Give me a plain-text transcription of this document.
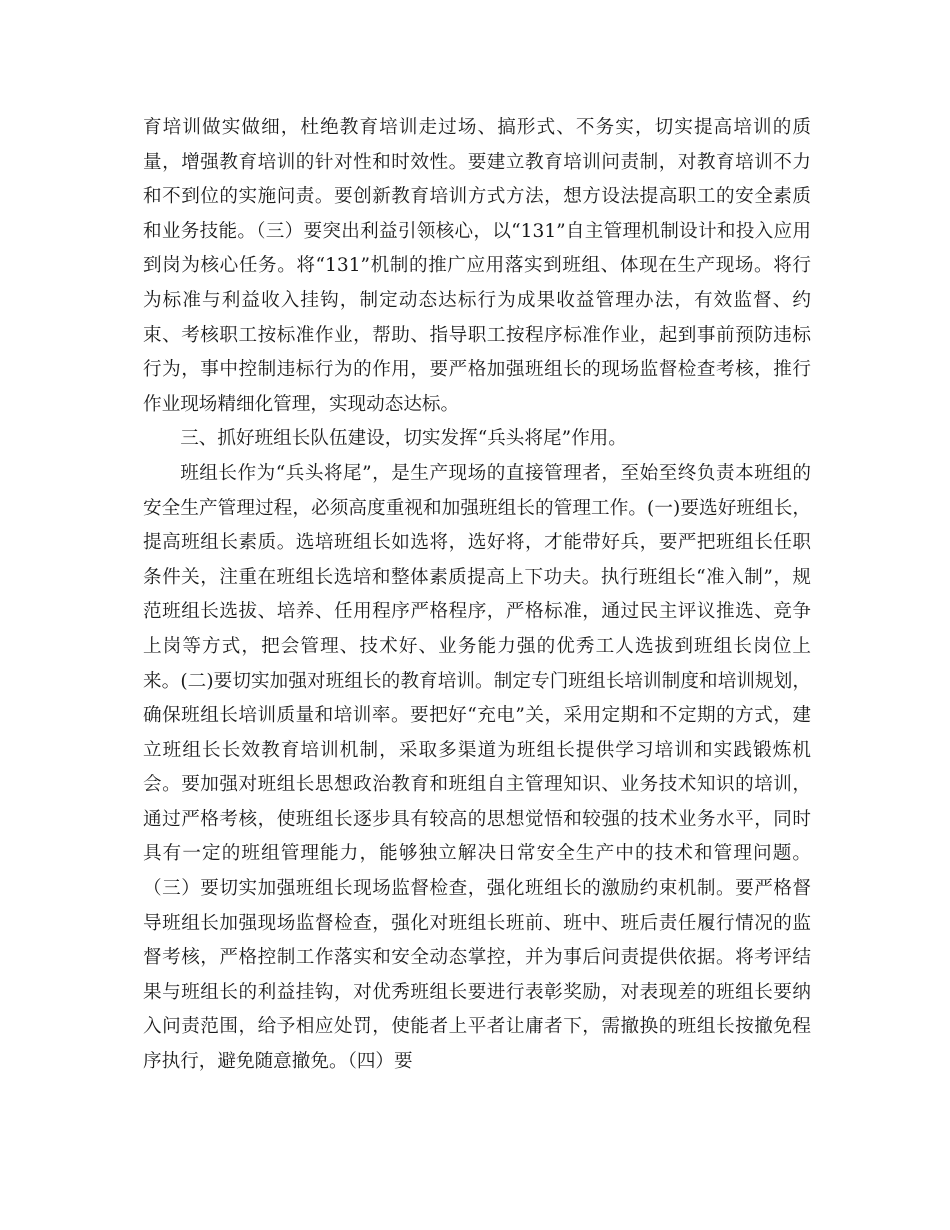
育培训做实做细，杜绝教育培训走过场、搞形式、不务实，切实提高培训的质量，增强教育培训的针对性和时效性。要建立教育培训问责制，对教育培训不力和不到位的实施问责。要创新教育培训方式方法，想方设法提高职工的安全素质和业务技能。（三）要突出利益引领核心，以“131”自主管理机制设计和投入应用到岗为核心任务。将“131”机制的推广应用落实到班组、体现在生产现场。将行为标准与利益收入挂钩，制定动态达标行为成果收益管理办法，有效监督、约束、考核职工按标准作业，帮助、指导职工按程序标准作业，起到事前预防违标行为，事中控制违标行为的作用，要严格加强班组长的现场监督检查考核，推行作业现场精细化管理，实现动态达标。

三、抓好班组长队伍建设，切实发挥“兵头将尾”作用。

班组长作为“兵头将尾”，是生产现场的直接管理者，至始至终负责本班组的安全生产管理过程，必须高度重视和加强班组长的管理工作。(一)要选好班组长，提高班组长素质。选培班组长如选将，选好将，才能带好兵，要严把班组长任职条件关，注重在班组长选培和整体素质提高上下功夫。执行班组长“准入制”，规范班组长选拔、培养、任用程序严格程序，严格标准，通过民主评议推选、竞争上岗等方式，把会管理、技术好、业务能力强的优秀工人选拔到班组长岗位上来。(二)要切实加强对班组长的教育培训。制定专门班组长培训制度和培训规划，确保班组长培训质量和培训率。要把好“充电”关，采用定期和不定期的方式，建立班组长长效教育培训机制，采取多渠道为班组长提供学习培训和实践锻炼机会。要加强对班组长思想政治教育和班组自主管理知识、业务技术知识的培训，通过严格考核，使班组长逐步具有较高的思想觉悟和较强的技术业务水平，同时具有一定的班组管理能力，能够独立解决日常安全生产中的技术和管理问题。（三）要切实加强班组长现场监督检查，强化班组长的激励约束机制。要严格督导班组长加强现场监督检查，强化对班组长班前、班中、班后责任履行情况的监督考核，严格控制工作落实和安全动态掌控，并为事后问责提供依据。将考评结果与班组长的利益挂钩，对优秀班组长要进行表彰奖励，对表现差的班组长要纳入问责范围，给予相应处罚，使能者上平者让庸者下，需撤换的班组长按撤免程序执行，避免随意撤免。（四）要
